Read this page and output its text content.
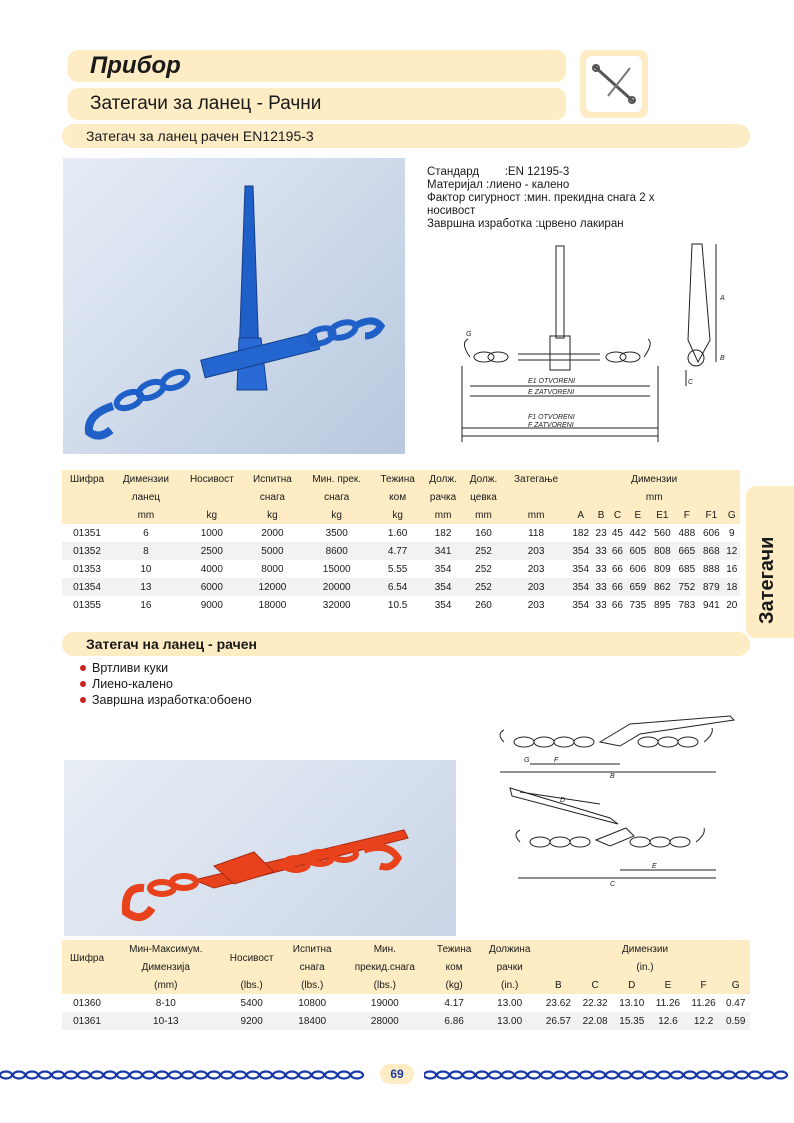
Прибор
Затегачи за ланец - Рачни
Затегач за ланец рачен EN12195-3
Стандард        :EN 12195-3
Материјал :лиено - калено
Фактор сигурност :мин. прекидна снага 2 x
носивост
Завршна изработка :црвено лакиран
E1 OTVORENI
E ZATVORENI
F1 OTVORENI
F ZATVORENI
G
A
B
C
Шифра	Димензии	Носивост	Испитна	Мин. прек.	Тежина	Долж.	Долж.	Затегање	Димензии							
	ланец		снага	снага	ком	рачка	цевка		mm							
	mm	kg	kg	kg	kg	mm	mm	mm	A	B	C	E	E1	F	F1	G
01351	6	1000	2000	3500	1.60	182	160	118	182	23	45	442	560	488	606	9
01352	8	2500	5000	8600	4.77	341	252	203	354	33	66	605	808	665	868	12
01353	10	4000	8000	15000	5.55	354	252	203	354	33	66	606	809	685	888	16
01354	13	6000	12000	20000	6.54	354	252	203	354	33	66	659	862	752	879	18
01355	16	9000	18000	32000	10.5	354	260	203	354	33	66	735	895	783	941	20 Затегачи
Затегач на ланец - рачен
Вртливи куки
Лиено-калено
Завршна изработка:обоено
G	F
B
D
E
C
Шифра	Мин-Максимум.	Носивост	Испитна	Мин.	Тежина	Должина	Димензии					
	Димензија		снага	прекид.снага	ком	рачки	(in.)					
	(mm)	(lbs.)	(lbs.)	(lbs.)	(kg)	(in.)	B	C	D	E	F	G
01360	8-10	5400	10800	19000	4.17	13.00	23.62	22.32	13.10	11.26	11.26	0.47
01361	10-13	9200	18400	28000	6.86	13.00	26.57	22.08	15.35	12.6	12.2	0.59
69
